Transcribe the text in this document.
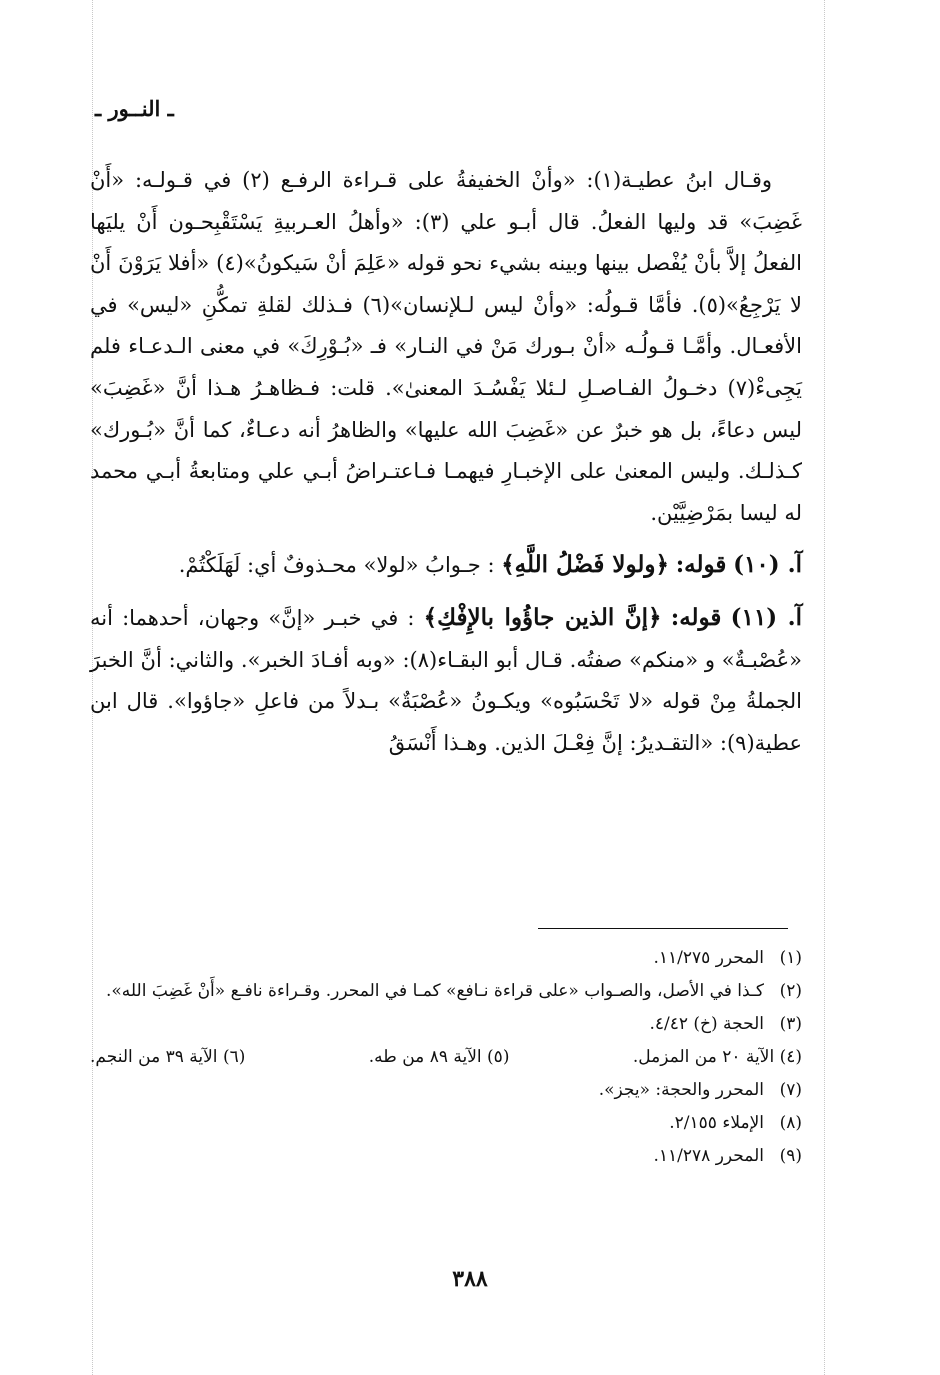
ـ النــور ـ

وقـال ابنُ عطيـة(١): «وأنْ الخفيفةُ على قـراءة الرفـع (٢) في قـولـه: «أَنْ غَضِبَ» قد وليها الفعلُ. قال أبـو علي (٣): «وأهلُ العـربيةِ يَسْتَقْبِحـون أَنْ يليَها الفعلُ إلاَّ بأنْ يُفْصل بينها وبينه بشيء نحو قوله «عَلِمَ أنْ سَيكونُ»(٤) «أفلا يَرَوْنَ أَنْ لا يَرْجِعُ»(٥). فأمَّا قـولُه: «وأنْ ليس لـلإنسان»(٦) فـذلك لقلةِ تمكُّنِ «ليس» في الأفعـال. وأمَّـا قـولُـه «أنْ بـورك مَنْ في النـار» فـ «بُـوْرِكَ» في معنى الـدعـاء فلم يَجِىءْ(٧) دخـولُ الفـاصـلِ لـئلا يَفْسُـدَ المعنىٰ». قلت: فـظاهـرُ هـذا أنَّ «غَضِبَ» ليس دعاءً، بل هو خبرٌ عن «غَضِبَ الله عليها» والظاهرُ أنه دعـاءٌ، كما أنَّ «بُـورك» كـذلـك. وليس المعنىٰ على الإخبـارِ فيهمـا فـاعتـراضُ أبـي علي ومتابعةُ أبـي محمد له ليسا بمَرْضِيَّيْن.

آ. (١٠) قوله: ﴿ولولا فَضْلُ اللَّهِ﴾ : جـوابُ «لولا» محـذوفٌ أي: لَهَلَكْتُمْ.

آ. (١١) قوله: ﴿إنَّ الذين جاؤُوا بالإِفْكِ﴾ : في خبـر «إنَّ» وجهان، أحدهما: أنه «عُصْبـةٌ» و «منكم» صفتُه. قـال أبو البقـاء(٨): «وبه أفـادَ الخبر». والثاني: أنَّ الخبرَ الجملةُ مِنْ قوله «لا تَحْسَبُوه» ويكـونُ «عُصْبَةٌ» بـدلاً من فاعلِ «جاؤوا». قال ابن عطية(٩): «التقـديرُ: إنَّ فِعْـلَ الذين. وهـذا أَنْسَقُ

(١)
المحرر ١١/٢٧٥.
(٢)
كـذا في الأصل، والصـواب «على قراءة نـافع» كمـا في المحرر. وقـراءة نافـع «أَنْ غَضِبَ الله».
(٣)
الحجة (خ) ٤/٤٢.
(٤) الآية ٢٠ من المزمل.
(٥) الآية ٨٩ من طه.
(٦) الآية ٣٩ من النجم.
(٧)
المحرر والحجة: «يجز».
(٨)
الإملاء ٢/١٥٥.
(٩)
المحرر ١١/٢٧٨.
٣٨٨
